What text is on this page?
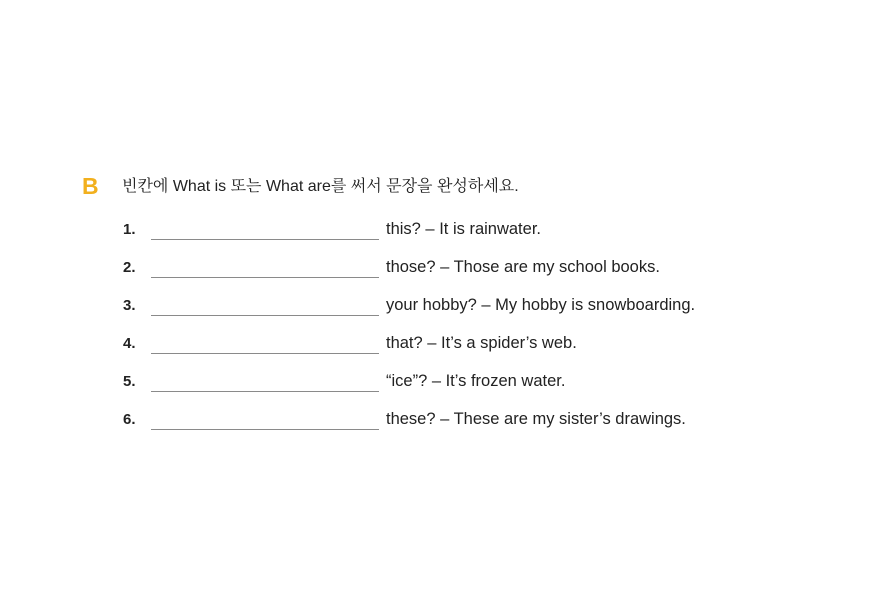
B 빈칸에 What is 또는 What are를 써서 문장을 완성하세요.
1.	this? – It is rainwater.
2.	those? – Those are my school books.
3.	your hobby? – My hobby is snowboarding.
4.	that? – It’s a spider’s web.
5.	“ice”? – It’s frozen water.
6.	these? – These are my sister’s drawings.
